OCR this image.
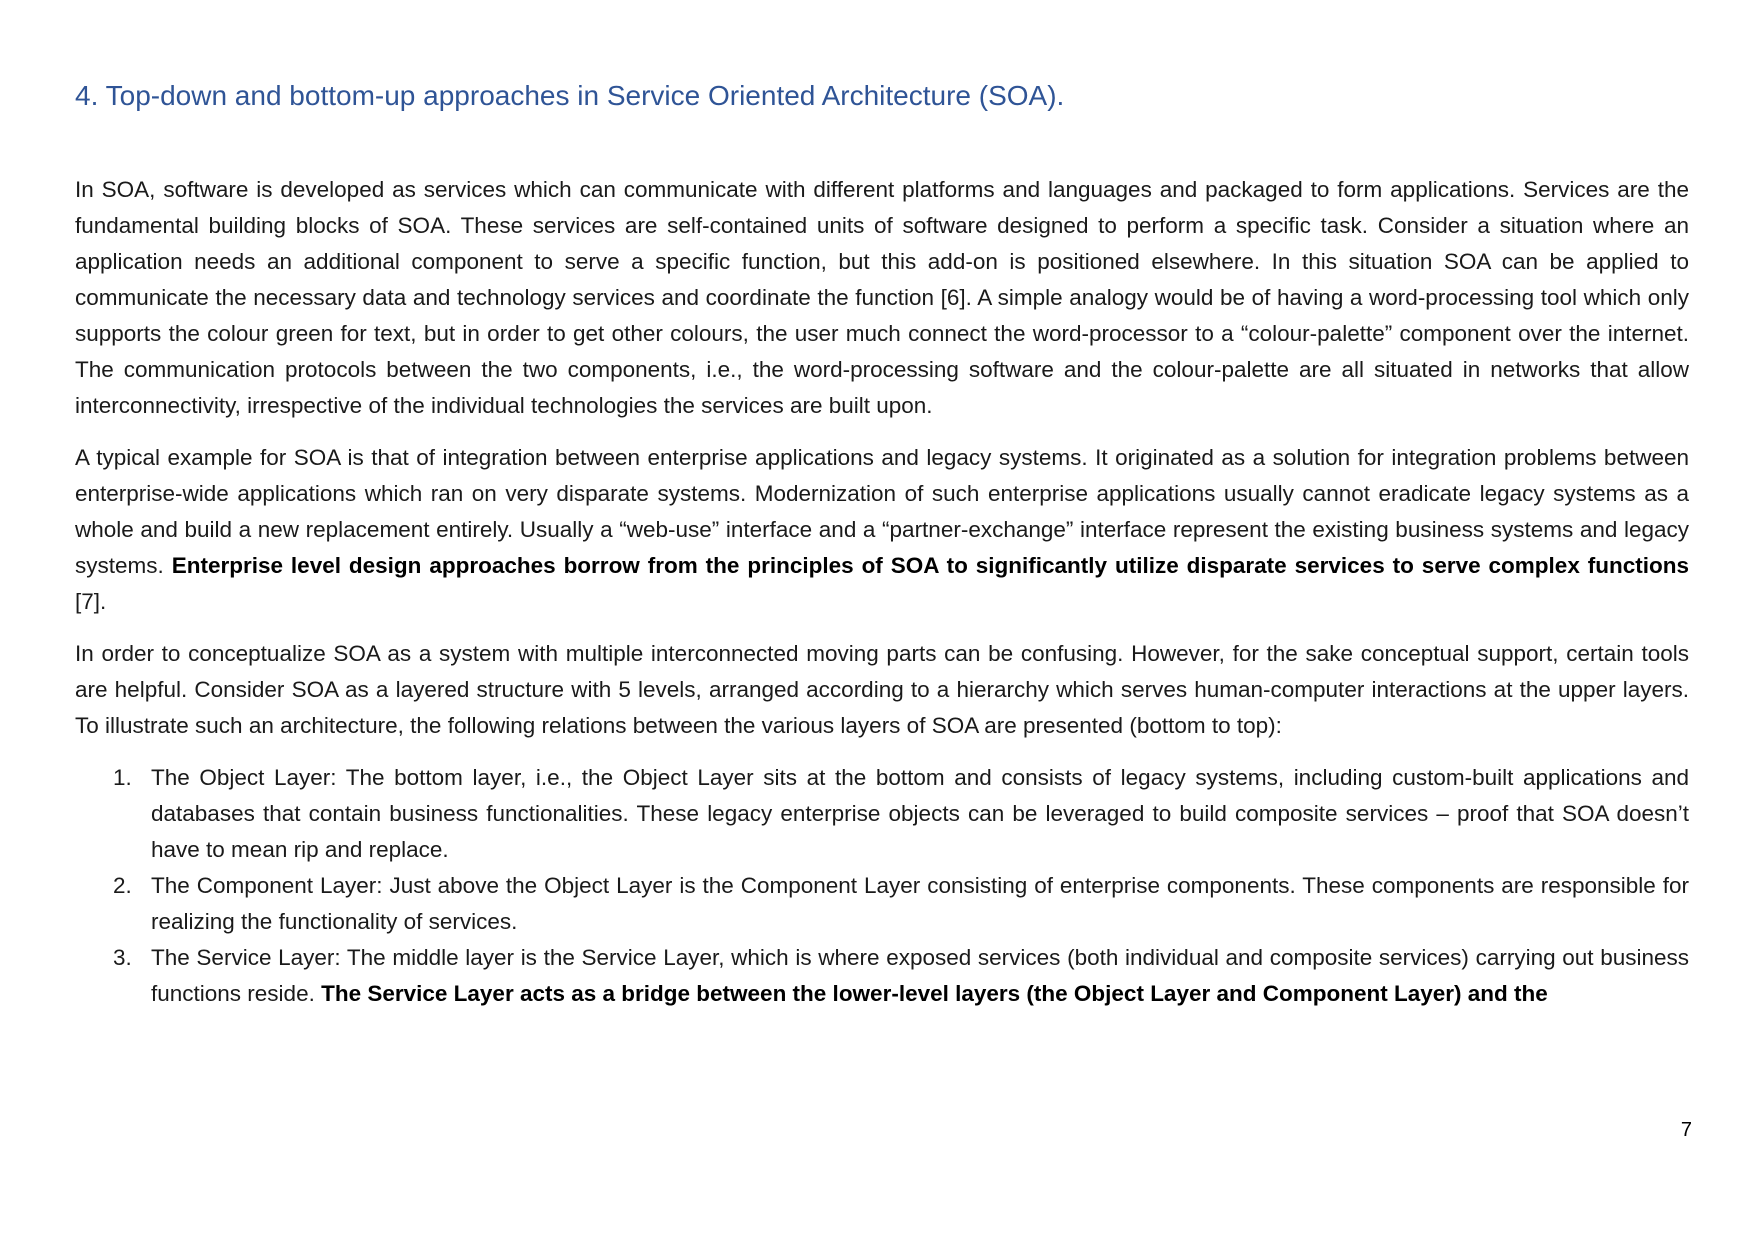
4. Top-down and bottom-up approaches in Service Oriented Architecture (SOA).

In SOA, software is developed as services which can communicate with different platforms and languages and packaged to form applications. Services are the fundamental building blocks of SOA. These services are self-contained units of software designed to perform a specific task. Consider a situation where an application needs an additional component to serve a specific function, but this add-on is positioned elsewhere. In this situation SOA can be applied to communicate the necessary data and technology services and coordinate the function [6]. A simple analogy would be of having a word-processing tool which only supports the colour green for text, but in order to get other colours, the user much connect the word-processor to a “colour-palette” component over the internet. The communication protocols between the two components, i.e., the word-processing software and the colour-palette are all situated in networks that allow interconnectivity, irrespective of the individual technologies the services are built upon.

A typical example for SOA is that of integration between enterprise applications and legacy systems. It originated as a solution for integration problems between enterprise-wide applications which ran on very disparate systems. Modernization of such enterprise applications usually cannot eradicate legacy systems as a whole and build a new replacement entirely. Usually a “web-use” interface and a “partner-exchange” interface represent the existing business systems and legacy systems. Enterprise level design approaches borrow from the principles of SOA to significantly utilize disparate services to serve complex functions [7].

In order to conceptualize SOA as a system with multiple interconnected moving parts can be confusing. However, for the sake conceptual support, certain tools are helpful. Consider SOA as a layered structure with 5 levels, arranged according to a hierarchy which serves human-computer interactions at the upper layers. To illustrate such an architecture, the following relations between the various layers of SOA are presented (bottom to top):

1. The Object Layer: The bottom layer, i.e., the Object Layer sits at the bottom and consists of legacy systems, including custom-built applications and databases that contain business functionalities. These legacy enterprise objects can be leveraged to build composite services – proof that SOA doesn’t have to mean rip and replace.
2. The Component Layer: Just above the Object Layer is the Component Layer consisting of enterprise components. These components are responsible for realizing the functionality of services.
3. The Service Layer: The middle layer is the Service Layer, which is where exposed services (both individual and composite services) carrying out business functions reside. The Service Layer acts as a bridge between the lower-level layers (the Object Layer and Component Layer) and the
7
